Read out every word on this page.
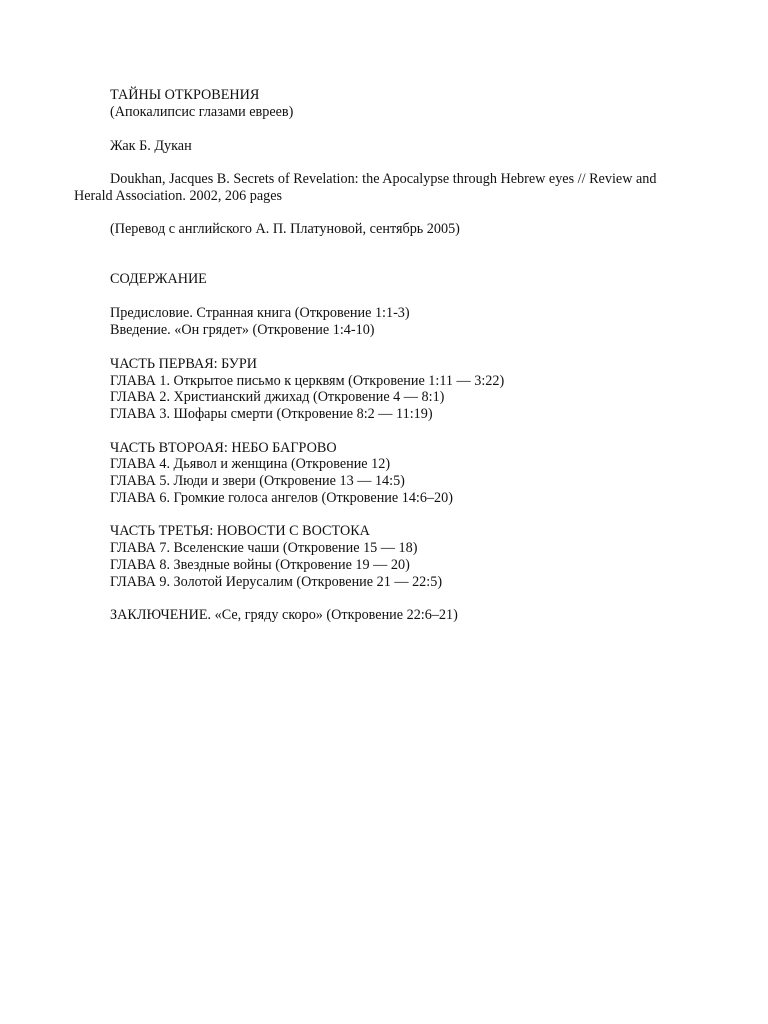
ТАЙНЫ ОТКРОВЕНИЯ

(Апокалипсис глазами евреев)

Жак Б. Дукан

Doukhan, Jacques B. Secrets of Revelation: the Apocalypse through Hebrew eyes // Review and

Herald Association. 2002, 206 pages

(Перевод с английского А. П. Платуновой, сентябрь 2005)

СОДЕРЖАНИЕ

Предисловие. Странная книга (Откровение 1:1-3)

Введение. «Он грядет» (Откровение 1:4-10)

ЧАСТЬ ПЕРВАЯ: БУРИ

ГЛАВА 1. Открытое письмо к церквям (Откровение 1:11 — 3:22)

ГЛАВА 2. Христианский джихад (Откровение 4 — 8:1)

ГЛАВА 3. Шофары смерти (Откровение 8:2 — 11:19)

ЧАСТЬ ВТОРОАЯ: НЕБО БАГРОВО

ГЛАВА 4. Дьявол и женщина (Откровение 12)

ГЛАВА 5. Люди и звери (Откровение 13 — 14:5)

ГЛАВА 6. Громкие голоса ангелов (Откровение 14:6–20)

ЧАСТЬ ТРЕТЬЯ: НОВОСТИ С ВОСТОКА

ГЛАВА 7. Вселенские чаши (Откровение 15 — 18)

ГЛАВА 8. Звездные войны (Откровение 19 — 20)

ГЛАВА 9. Золотой Иерусалим (Откровение 21 — 22:5)

ЗАКЛЮЧЕНИЕ. «Се, гряду скоро» (Откровение 22:6–21)
